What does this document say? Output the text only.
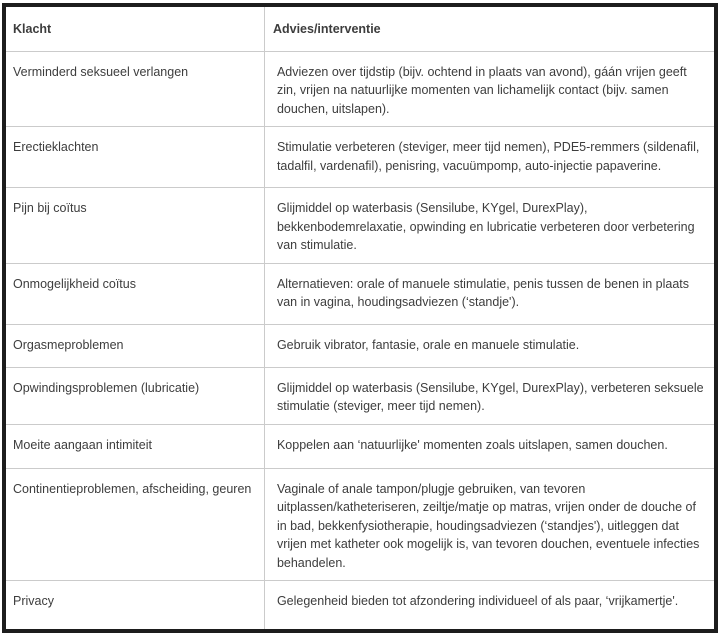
Klacht	Advies/interventie
Verminderd seksueel verlangen	Adviezen over tijdstip (bijv. ochtend in plaats van avond), gáán vrijen geeft zin, vrijen na natuurlijke momenten van lichamelijk contact (bijv. samen douchen, uitslapen).
Erectieklachten	Stimulatie verbeteren (steviger, meer tijd nemen), PDE5-remmers (sildenafil, tadalfil, vardenafil), penisring, vacuümpomp, auto-injectie papaverine.
Pijn bij coïtus	Glijmiddel op waterbasis (Sensilube, KYgel, DurexPlay), bekkenbodemrelaxatie, opwinding en lubricatie verbeteren door verbetering van stimulatie.
Onmogelijkheid coïtus	Alternatieven: orale of manuele stimulatie, penis tussen de benen in plaats van in vagina, houdingsadviezen (‘standje').
Orgasmeproblemen	Gebruik vibrator, fantasie, orale en manuele stimulatie.
Opwindingsproblemen (lubricatie)	Glijmiddel op waterbasis (Sensilube, KYgel, DurexPlay), verbeteren seksuele stimulatie (steviger, meer tijd nemen).
Moeite aangaan intimiteit	Koppelen aan ‘natuurlijke' momenten zoals uitslapen, samen douchen.
Continentieproblemen, afscheiding, geuren	Vaginale of anale tampon/plugje gebruiken, van tevoren uitplassen/katheteriseren, zeiltje/matje op matras, vrijen onder de douche of in bad, bekkenfysiotherapie, houdingsadviezen (‘standjes'), uitleggen dat vrijen met katheter ook mogelijk is, van tevoren douchen, eventuele infecties behandelen.
Privacy	Gelegenheid bieden tot afzondering individueel of als paar, ‘vrijkamertje'.
